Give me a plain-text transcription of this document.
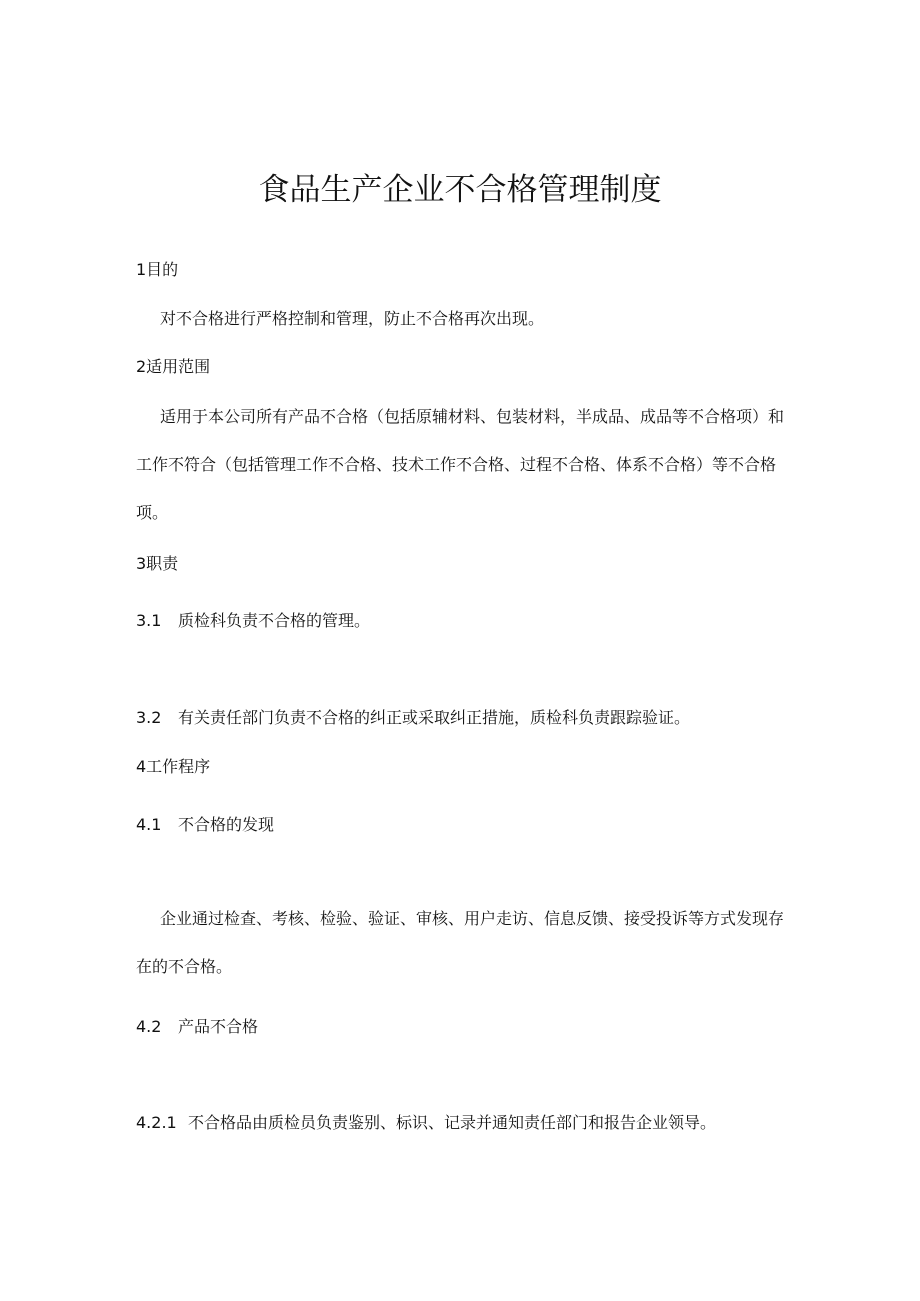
食品生产企业不合格管理制度
1目的
对不合格进行严格控制和管理，防止不合格再次出现。
2适用范围
适用于本公司所有产品不合格（包括原辅材料、包装材料，半成品、成品等不合格项）和工作不符合（包括管理工作不合格、技术工作不合格、过程不合格、体系不合格）等不合格项。
3职责
3.1 质检科负责不合格的管理。
3.2 有关责任部门负责不合格的纠正或采取纠正措施，质检科负责跟踪验证。
4工作程序
4.1 不合格的发现
企业通过检查、考核、检验、验证、审核、用户走访、信息反馈、接受投诉等方式发现存在的不合格。
4.2 产品不合格
4.2.1 不合格品由质检员负责鉴别、标识、记录并通知责任部门和报告企业领导。
